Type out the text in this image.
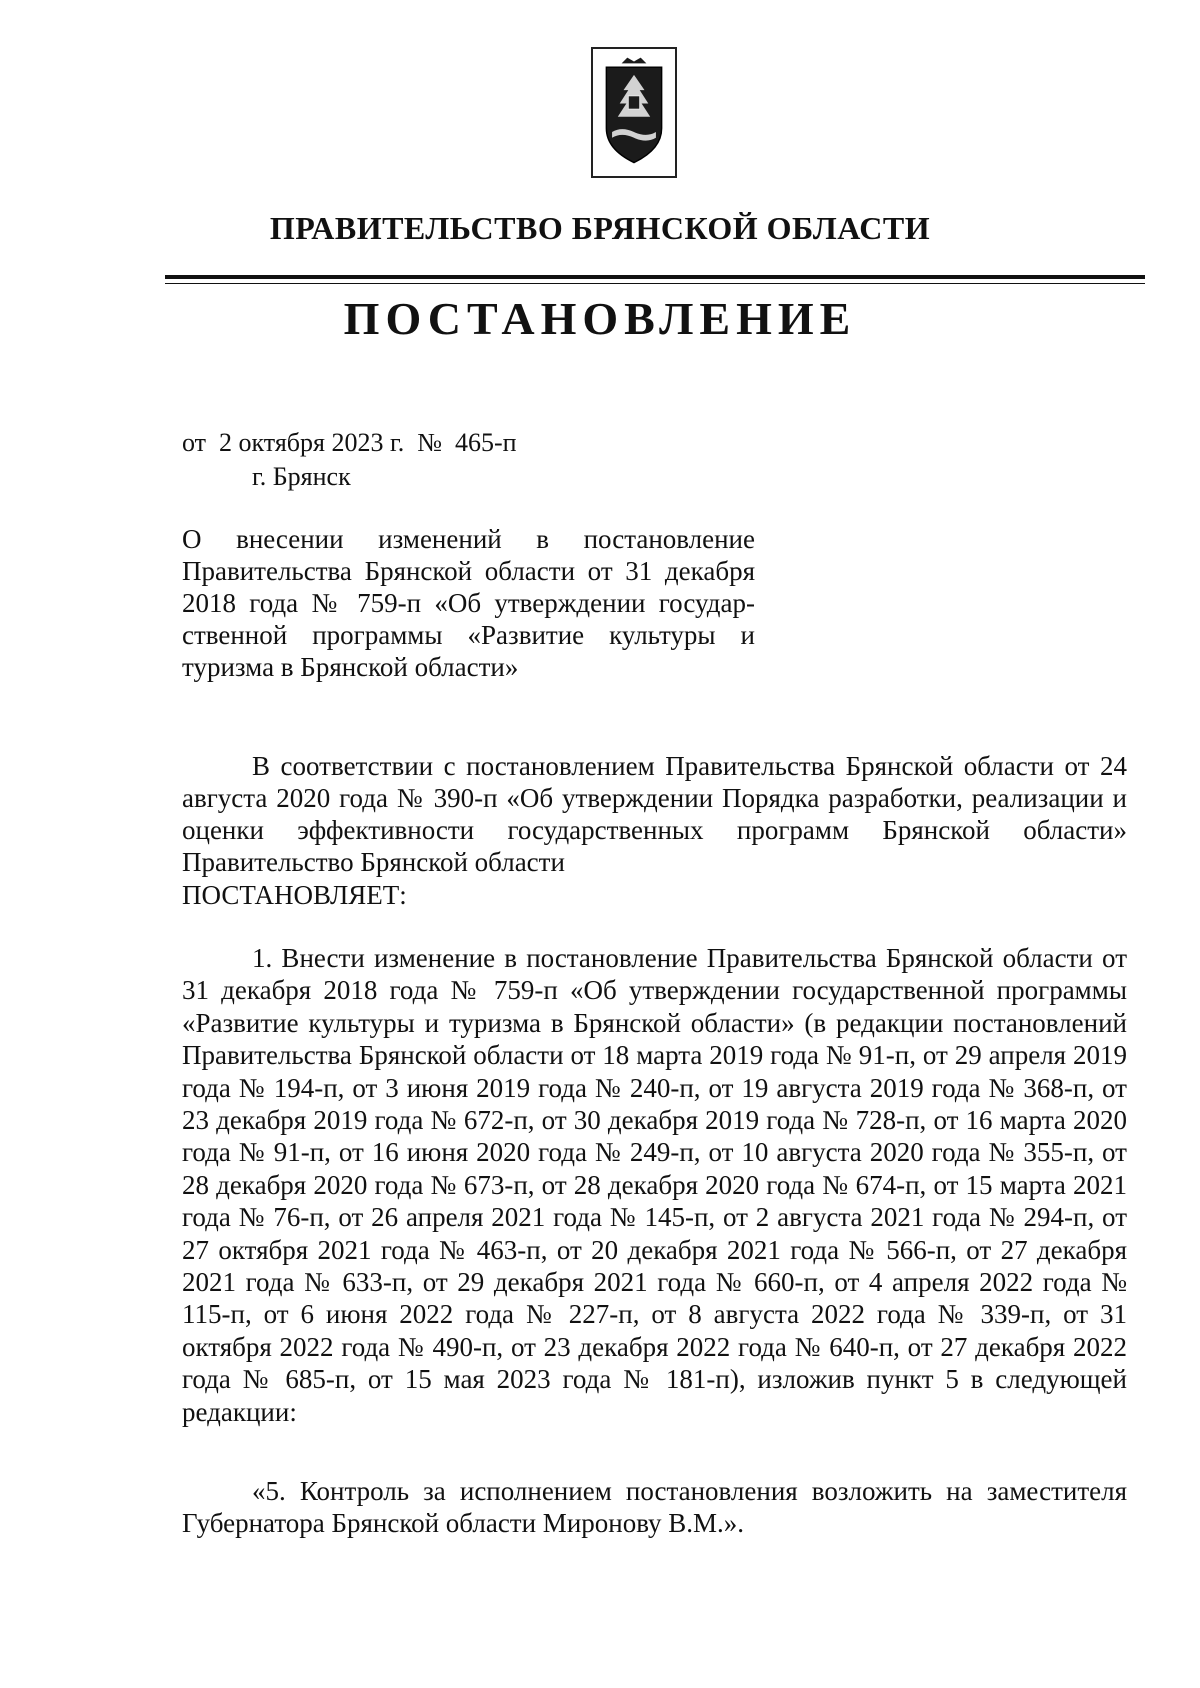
ПРАВИТЕЛЬСТВО БРЯНСКОЙ ОБЛАСТИ
ПОСТАНОВЛЕНИЕ
от  2 октября 2023 г.  №  465-п
г. Брянск
О внесении изменений в постановление Правительства Брянской области от 31 декабря 2018 года № 759-п «Об утверждении государственной программы «Развитие культуры и туризма в Брянской области»
В соответствии с постановлением Правительства Брянской области от 24 августа 2020 года № 390-п «Об утверждении Порядка разработки, реализации и оценки эффективности государственных программ Брянской области» Правительство Брянской области
ПОСТАНОВЛЯЕТ:
1. Внести изменение в постановление Правительства Брянской области от 31 декабря 2018 года № 759-п «Об утверждении государственной программы «Развитие культуры и туризма в Брянской области» (в редакции постановлений Правительства Брянской области от 18 марта 2019 года № 91-п, от 29 апреля 2019 года № 194-п, от 3 июня 2019 года № 240-п, от 19 августа 2019 года № 368-п, от 23 декабря 2019 года № 672-п, от 30 декабря 2019 года № 728-п, от 16 марта 2020 года № 91-п, от 16 июня 2020 года № 249-п, от 10 августа 2020 года № 355-п, от 28 декабря 2020 года № 673-п, от 28 декабря 2020 года № 674-п, от 15 марта 2021 года № 76-п, от 26 апреля 2021 года № 145-п, от 2 августа 2021 года № 294-п, от 27 октября 2021 года № 463-п, от 20 декабря 2021 года № 566-п, от 27 декабря 2021 года № 633-п, от 29 декабря 2021 года № 660-п, от 4 апреля 2022 года № 115-п, от 6 июня 2022 года № 227-п, от 8 августа 2022 года № 339-п, от 31 октября 2022 года № 490-п, от 23 декабря 2022 года № 640-п, от 27 декабря 2022 года № 685-п, от 15 мая 2023 года № 181-п), изложив пункт 5 в следующей редакции:
«5. Контроль за исполнением постановления возложить на заместителя Губернатора Брянской области Миронову В.М.».
